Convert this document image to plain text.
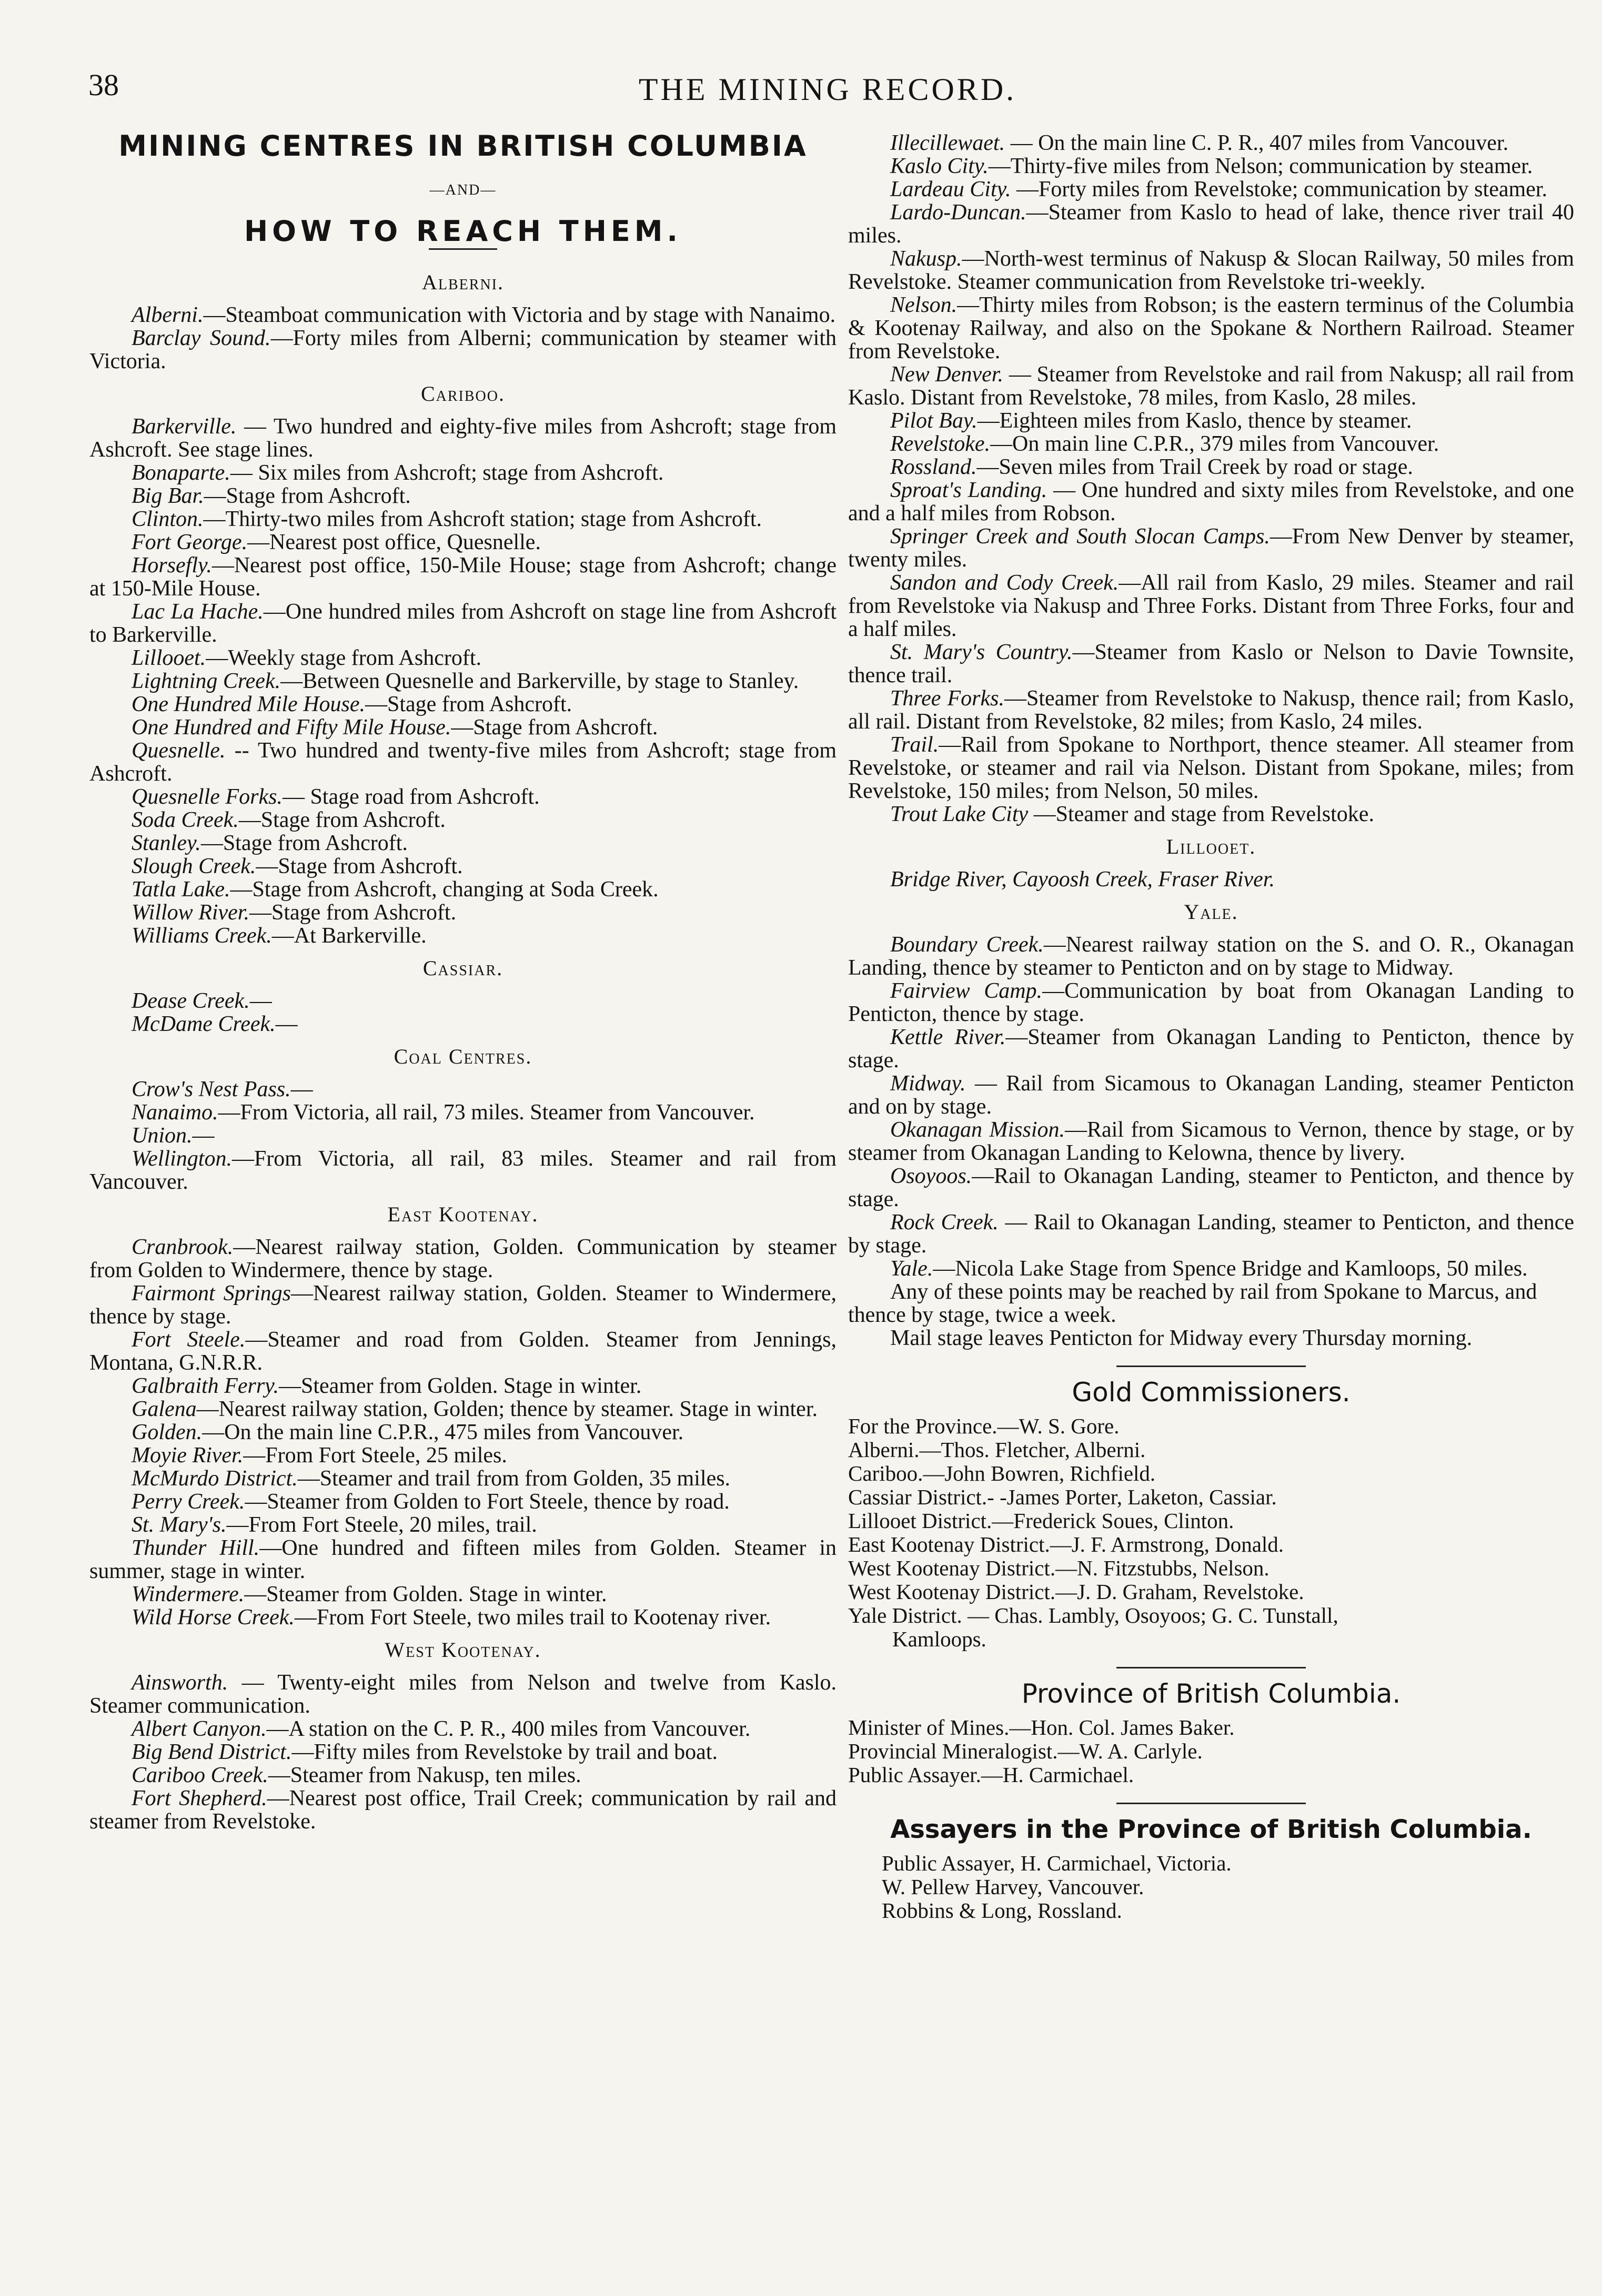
38	THE MINING RECORD.
MINING CENTRES IN BRITISH COLUMBIA
—AND—
HOW TO REACH THEM.
Alberni.

Alberni.—Steamboat communication with Victoria and by stage with Nanaimo.

Barclay Sound.—Forty miles from Alberni; communication by steamer with Victoria.

Cariboo.

Barkerville. — Two hundred and eighty-five miles from Ashcroft; stage from Ashcroft. See stage lines.

Bonaparte.— Six miles from Ashcroft; stage from Ashcroft.

Big Bar.—Stage from Ashcroft.

Clinton.—Thirty-two miles from Ashcroft station; stage from Ashcroft.

Fort George.—Nearest post office, Quesnelle.

Horsefly.—Nearest post office, 150-Mile House; stage from Ashcroft; change at 150-Mile House.

Lac La Hache.—One hundred miles from Ashcroft on stage line from Ashcroft to Barkerville.

Lillooet.—Weekly stage from Ashcroft.

Lightning Creek.—Between Quesnelle and Barkerville, by stage to Stanley.

One Hundred Mile House.—Stage from Ashcroft.

One Hundred and Fifty Mile House.—Stage from Ashcroft.

Quesnelle. -- Two hundred and twenty-five miles from Ashcroft; stage from Ashcroft.

Quesnelle Forks.— Stage road from Ashcroft.

Soda Creek.—Stage from Ashcroft.

Stanley.—Stage from Ashcroft.

Slough Creek.—Stage from Ashcroft.

Tatla Lake.—Stage from Ashcroft, changing at Soda Creek.

Willow River.—Stage from Ashcroft.

Williams Creek.—At Barkerville.

Cassiar.

Dease Creek.—

McDame Creek.—

Coal Centres.

Crow's Nest Pass.—

Nanaimo.—From Victoria, all rail, 73 miles. Steamer from Vancouver.

Union.—

Wellington.—From Victoria, all rail, 83 miles. Steamer and rail from Vancouver.

East Kootenay.

Cranbrook.—Nearest railway station, Golden. Communication by steamer from Golden to Windermere, thence by stage.

Fairmont Springs—Nearest railway station, Golden. Steamer to Windermere, thence by stage.

Fort Steele.—Steamer and road from Golden. Steamer from Jennings, Montana, G.N.R.R.

Galbraith Ferry.—Steamer from Golden. Stage in winter.

Galena—Nearest railway station, Golden; thence by steamer. Stage in winter.

Golden.—On the main line C.P.R., 475 miles from Vancouver.

Moyie River.—From Fort Steele, 25 miles.

McMurdo District.—Steamer and trail from from Golden, 35 miles.

Perry Creek.—Steamer from Golden to Fort Steele, thence by road.

St. Mary's.—From Fort Steele, 20 miles, trail.

Thunder Hill.—One hundred and fifteen miles from Golden. Steamer in summer, stage in winter.

Windermere.—Steamer from Golden. Stage in winter.

Wild Horse Creek.—From Fort Steele, two miles trail to Kootenay river.

West Kootenay.

Ainsworth. — Twenty-eight miles from Nelson and twelve from Kaslo. Steamer communication.

Albert Canyon.—A station on the C. P. R., 400 miles from Vancouver.

Big Bend District.—Fifty miles from Revelstoke by trail and boat.

Cariboo Creek.—Steamer from Nakusp, ten miles.

Fort Shepherd.—Nearest post office, Trail Creek; communication by rail and steamer from Revelstoke.

Illecillewaet. — On the main line C. P. R., 407 miles from Vancouver.

Kaslo City.—Thirty-five miles from Nelson; communication by steamer.

Lardeau City. —Forty miles from Revelstoke; communication by steamer.

Lardo-Duncan.—Steamer from Kaslo to head of lake, thence river trail 40 miles.

Nakusp.—North-west terminus of Nakusp & Slocan Railway, 50 miles from Revelstoke. Steamer communication from Revelstoke tri-weekly.

Nelson.—Thirty miles from Robson; is the eastern terminus of the Columbia & Kootenay Railway, and also on the Spokane & Northern Railroad. Steamer from Revelstoke.

New Denver. — Steamer from Revelstoke and rail from Nakusp; all rail from Kaslo. Distant from Revelstoke, 78 miles, from Kaslo, 28 miles.

Pilot Bay.—Eighteen miles from Kaslo, thence by steamer.

Revelstoke.—On main line C.P.R., 379 miles from Vancouver.

Rossland.—Seven miles from Trail Creek by road or stage.

Sproat's Landing. — One hundred and sixty miles from Revelstoke, and one and a half miles from Robson.

Springer Creek and South Slocan Camps.—From New Denver by steamer, twenty miles.

Sandon and Cody Creek.—All rail from Kaslo, 29 miles. Steamer and rail from Revelstoke via Nakusp and Three Forks. Distant from Three Forks, four and a half miles.

St. Mary's Country.—Steamer from Kaslo or Nelson to Davie Townsite, thence trail.

Three Forks.—Steamer from Revelstoke to Nakusp, thence rail; from Kaslo, all rail. Distant from Revelstoke, 82 miles; from Kaslo, 24 miles.

Trail.—Rail from Spokane to Northport, thence steamer. All steamer from Revelstoke, or steamer and rail via Nelson. Distant from Spokane, miles; from Revelstoke, 150 miles; from Nelson, 50 miles.

Trout Lake City —Steamer and stage from Revelstoke.

Lillooet.

Bridge River, Cayoosh Creek, Fraser River.

Yale.

Boundary Creek.—Nearest railway station on the S. and O. R., Okanagan Landing, thence by steamer to Penticton and on by stage to Midway.

Fairview Camp.—Communication by boat from Okanagan Landing to Penticton, thence by stage.

Kettle River.—Steamer from Okanagan Landing to Penticton, thence by stage.

Midway. — Rail from Sicamous to Okanagan Landing, steamer Penticton and on by stage.

Okanagan Mission.—Rail from Sicamous to Vernon, thence by stage, or by steamer from Okanagan Landing to Kelowna, thence by livery.

Osoyoos.—Rail to Okanagan Landing, steamer to Penticton, and thence by stage.

Rock Creek. — Rail to Okanagan Landing, steamer to Penticton, and thence by stage.

Yale.—Nicola Lake Stage from Spence Bridge and Kamloops, 50 miles.

Any of these points may be reached by rail from Spokane to Marcus, and thence by stage, twice a week.

Mail stage leaves Penticton for Midway every Thursday morning.

Gold Commissioners.

For the Province.—W. S. Gore.

Alberni.—Thos. Fletcher, Alberni.

Cariboo.—John Bowren, Richfield.

Cassiar District.- -James Porter, Laketon, Cassiar.

Lillooet District.—Frederick Soues, Clinton.

East Kootenay District.—J. F. Armstrong, Donald.

West Kootenay District.—N. Fitzstubbs, Nelson.

West Kootenay District.—J. D. Graham, Revelstoke.

Yale District. — Chas. Lambly, Osoyoos; G. C. Tunstall,

Kamloops.

Province of British Columbia.

Minister of Mines.—Hon. Col. James Baker.

Provincial Mineralogist.—W. A. Carlyle.

Public Assayer.—H. Carmichael.

Assayers in the Province of British Columbia.

Public Assayer, H. Carmichael, Victoria.

W. Pellew Harvey, Vancouver.

Robbins & Long, Rossland.
